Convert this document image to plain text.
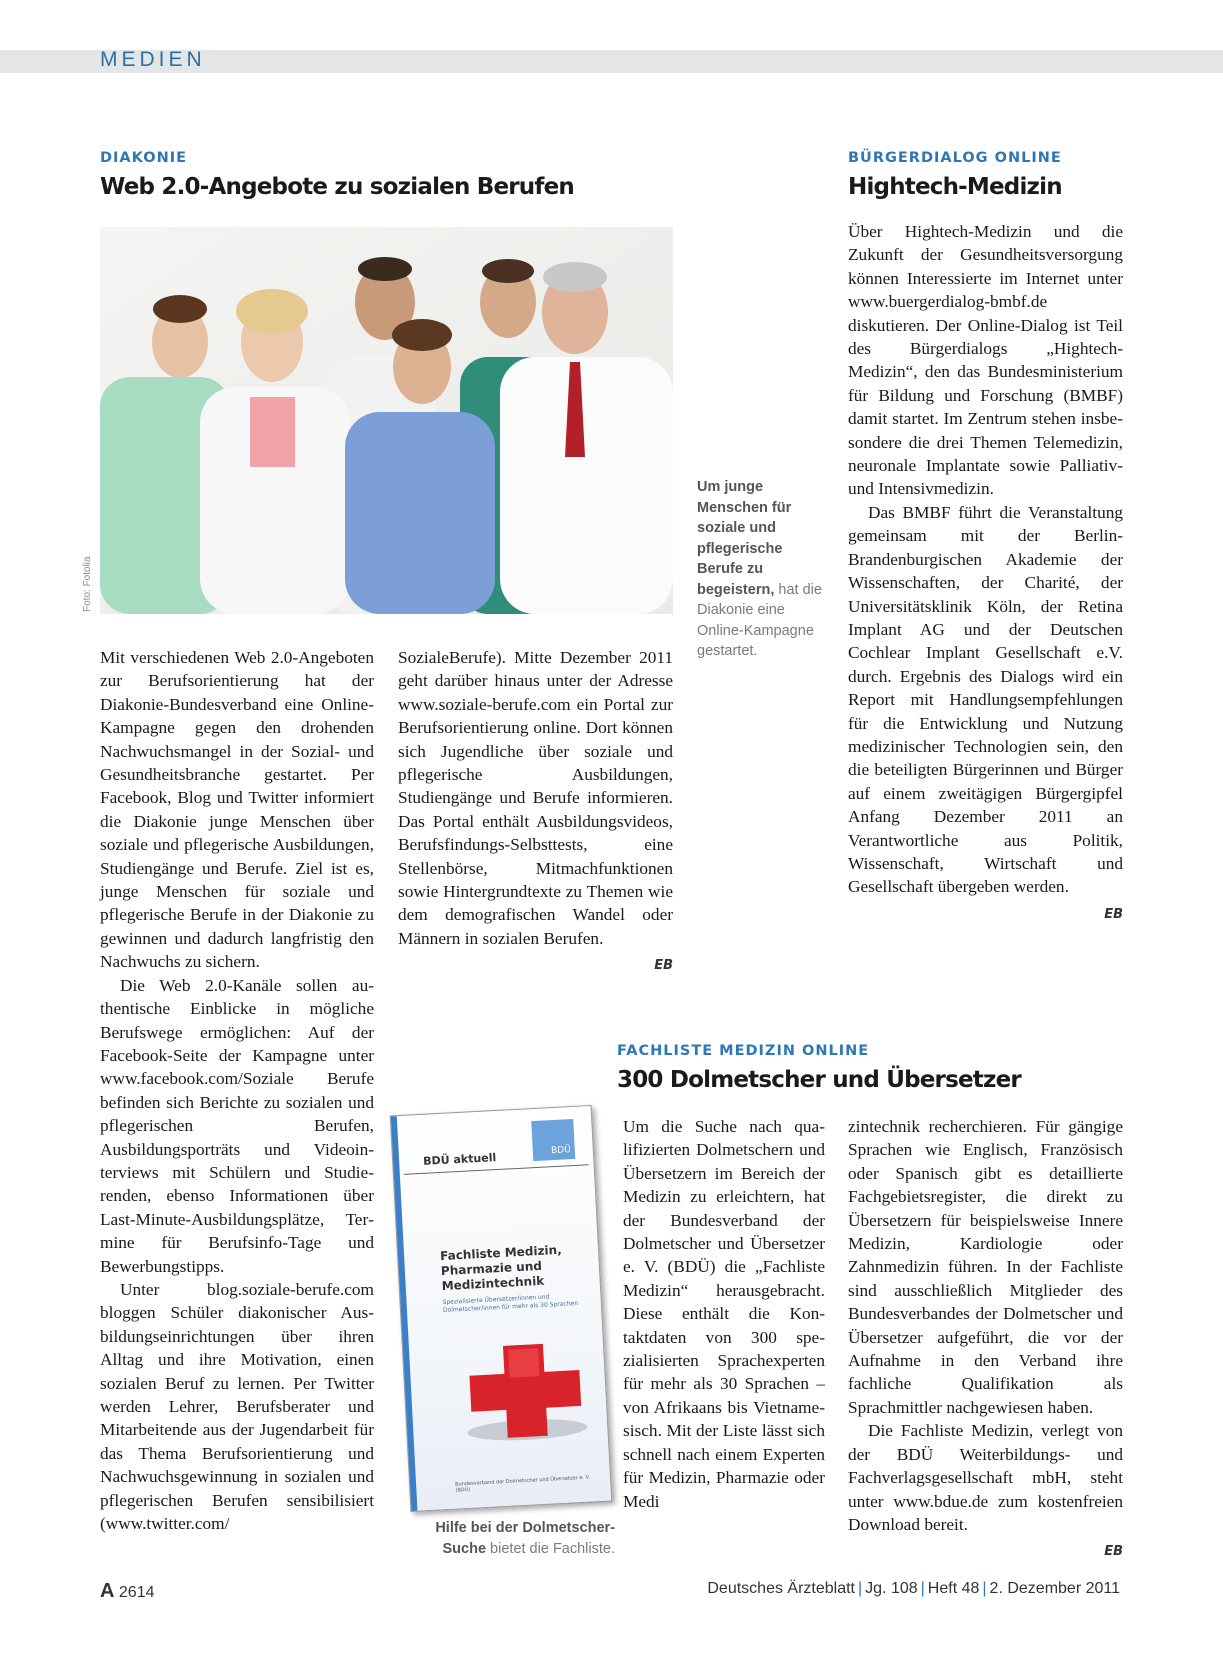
MEDIEN

DIAKONIE

Web 2.0-Angebote zu sozialen Berufen
Foto: Fotolia
Um junge Menschen für soziale und pflegerische Berufe zu begeistern, hat die Diakonie eine Online-Kampagne gestartet.

Mit verschiedenen Web 2.0-Angeboten zur Berufsorientierung hat der Diakonie-Bundesverband eine Online-Kampagne gegen den drohenden Nachwuchsmangel in der Sozial- und Gesundheitsbranche gestartet. Per Facebook, Blog und Twitter informiert die Diakonie junge Menschen über soziale und pflegerische Ausbildungen, Studiengänge und Berufe. Ziel ist es, junge Menschen für soziale und pflegerische Berufe in der Diakonie zu gewinnen und dadurch langfristig den Nachwuchs zu sichern.

Die Web 2.0-Kanäle sollen authentische Einblicke in mögliche Berufswege ermöglichen: Auf der Facebook-Seite der Kampagne unter www.facebook.com/Soziale Berufe befinden sich Berichte zu sozialen und pflegerischen Berufen, Ausbildungsporträts und Videointerviews mit Schülern und Studierenden, ebenso Informationen über Last-Minute-Ausbildungsplätze, Termine für Berufsinfo-Tage und Bewerbungstipps.

Unter blog.soziale-berufe.com bloggen Schüler diakonischer Ausbildungseinrichtungen über ihren Alltag und ihre Motivation, einen sozialen Beruf zu lernen. Per Twitter werden Lehrer, Berufsberater und Mitarbeitende aus der Jugendarbeit für das Thema Berufsorientierung und Nachwuchsgewinnung in sozialen und pflegerischen Berufen sensibilisiert (www.twitter.com/

SozialeBerufe). Mitte Dezember 2011 geht darüber hinaus unter der Adresse www.soziale-berufe.com ein Portal zur Berufsorientierung online. Dort können sich Jugendliche über soziale und pflegerische Ausbildungen, Studiengänge und Berufe informieren. Das Portal enthält Ausbildungsvideos, Berufsfindungs-Selbsttests, eine Stellenbörse, Mitmachfunktionen sowie Hintergrundtexte zu Themen wie dem demografischen Wandel oder Männern in sozialen Berufen.

EB

BÜRGERDIALOG ONLINE

Hightech-Medizin

Über Hightech-Medizin und die Zukunft der Gesundheitsversorgung können Interessierte im Internet unter www.buergerdialog-bmbf.de diskutieren. Der Online-Dialog ist Teil des Bürgerdialogs „Hightech-Medizin“, den das Bundesministerium für Bildung und Forschung (BMBF) damit startet. Im Zentrum stehen insbesondere die drei Themen Telemedizin, neuronale Implantate sowie Palliativ- und Intensivmedizin.

Das BMBF führt die Veranstaltung gemeinsam mit der Berlin-Brandenburgischen Akademie der Wissenschaften, der Charité, der Universitätsklinik Köln, der Retina Implant AG und der Deutschen Cochlear Implant Gesellschaft e.V. durch. Ergebnis des Dialogs wird ein Report mit Handlungsempfehlungen für die Entwicklung und Nutzung medizinischer Technologien sein, den die beteiligten Bürgerinnen und Bürger auf einem zweitägigen Bürgergipfel Anfang Dezember 2011 an Verantwortliche aus Politik, Wissenschaft, Wirtschaft und Gesellschaft übergeben werden.

EB

FACHLISTE MEDIZIN ONLINE

300 Dolmetscher und Übersetzer
BDÜ
BDÜ aktuell
Fachliste Medizin, Pharmazie und Medizintechnik
Spezialisierte Übersetzer/innen und Dolmetscher/innen für mehr als 30 Sprachen
Bundesverband der Dolmetscher und Übersetzer e. V. (BDÜ)
Hilfe bei der Dolmetscher-Suche bietet die Fachliste.

Um die Suche nach qualifizierten Dolmetschern und Übersetzern im Bereich der Medizin zu erleichtern, hat der Bundesverband der Dolmetscher und Übersetzer e. V. (BDÜ) die „Fachliste Medizin“ herausgebracht. Diese enthält die Kontaktdaten von 300 spezialisierten Sprachexperten für mehr als 30 Sprachen – von Afrikaans bis Vietnamesisch. Mit der Liste lässt sich schnell nach einem Experten für Medizin, Pharmazie oder Medi

zintechnik recherchieren. Für gängige Sprachen wie Englisch, Französisch oder Spanisch gibt es detaillierte Fachgebietsregister, die direkt zu Übersetzern für beispielsweise Innere Medizin, Kardiologie oder Zahnmedizin führen. In der Fachliste sind ausschließlich Mitglieder des Bundesverbandes der Dolmetscher und Übersetzer aufgeführt, die vor der Aufnahme in den Verband ihre fachliche Qualifikation als Sprachmittler nachgewiesen haben.

Die Fachliste Medizin, verlegt von der BDÜ Weiterbildungs- und Fachverlagsgesellschaft mbH, steht unter www.bdue.de zum kostenfreien Download bereit.

EB
A 2614	Deutsches Ärzteblatt | Jg. 108 | Heft 48 | 2. Dezember 2011
